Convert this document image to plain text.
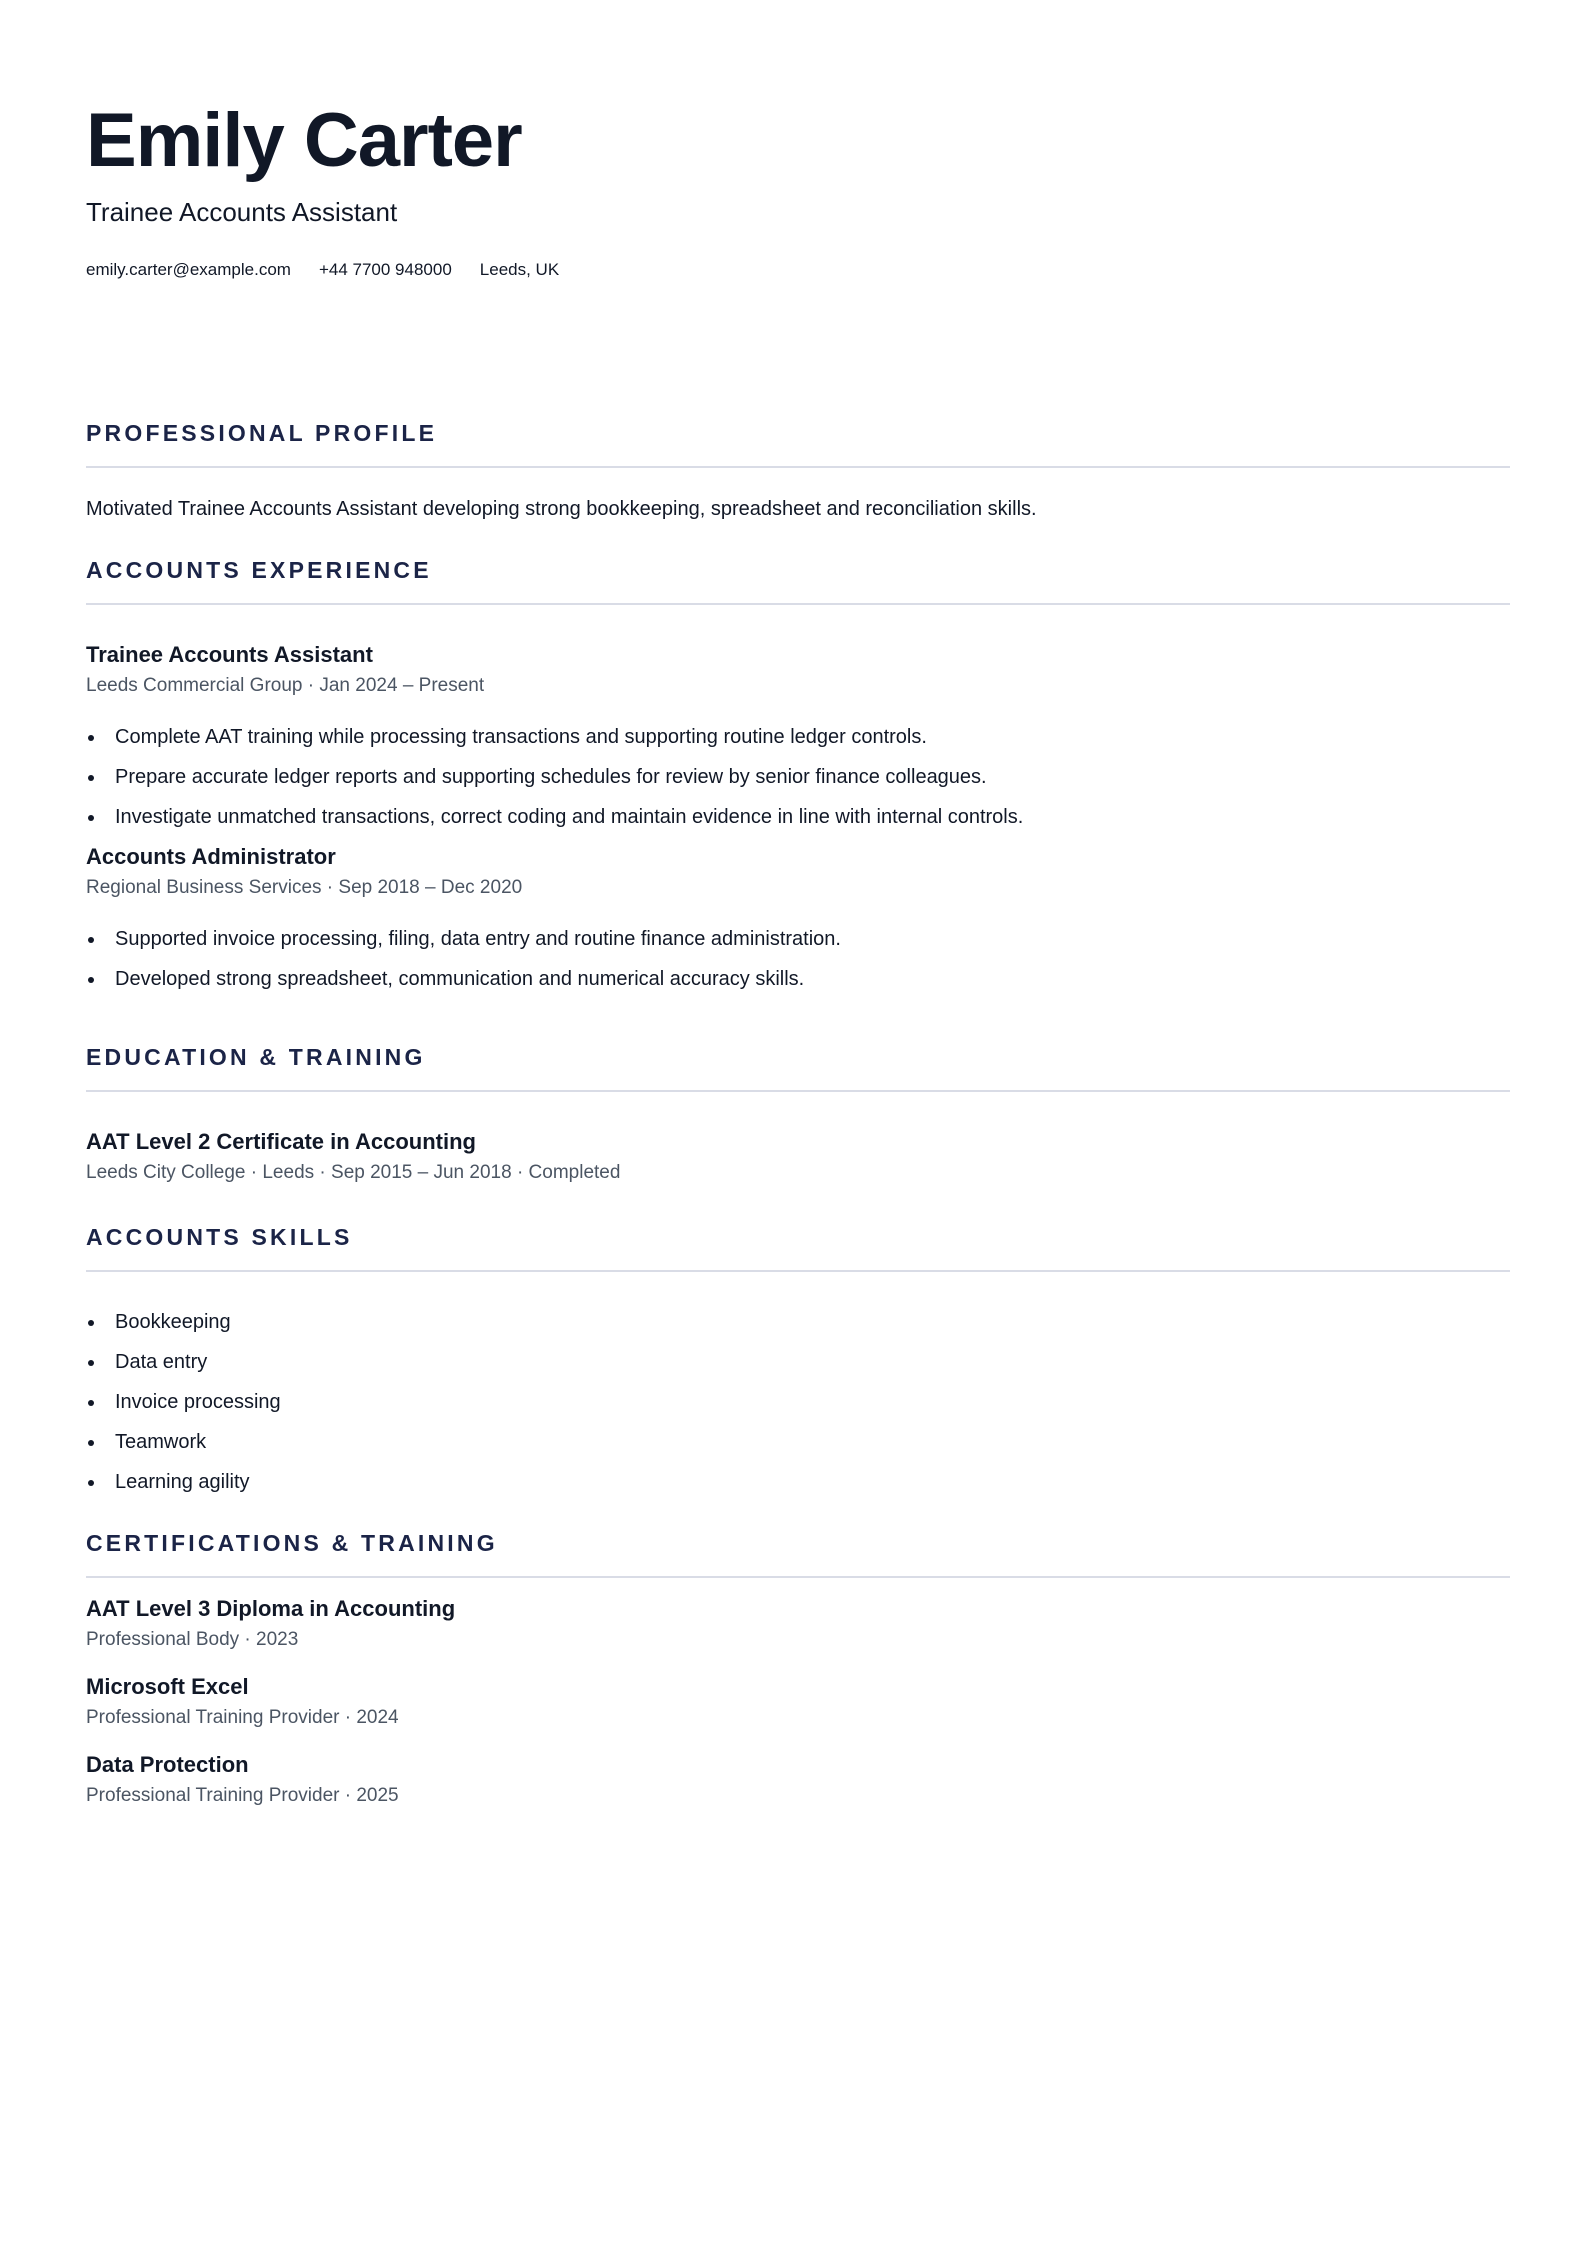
Emily Carter
Trainee Accounts Assistant
emily.carter@example.com +44 7700 948000 Leeds, UK
PROFESSIONAL PROFILE
Motivated Trainee Accounts Assistant developing strong bookkeeping, spreadsheet and reconciliation skills.
ACCOUNTS EXPERIENCE
Trainee Accounts Assistant
Leeds Commercial Group · Jan 2024 – Present
Complete AAT training while processing transactions and supporting routine ledger controls.
Prepare accurate ledger reports and supporting schedules for review by senior finance colleagues.
Investigate unmatched transactions, correct coding and maintain evidence in line with internal controls.
Accounts Administrator
Regional Business Services · Sep 2018 – Dec 2020
Supported invoice processing, filing, data entry and routine finance administration.
Developed strong spreadsheet, communication and numerical accuracy skills.
EDUCATION & TRAINING
AAT Level 2 Certificate in Accounting
Leeds City College · Leeds · Sep 2015 – Jun 2018 · Completed
ACCOUNTS SKILLS
Bookkeeping
Data entry
Invoice processing
Teamwork
Learning agility
CERTIFICATIONS & TRAINING
AAT Level 3 Diploma in Accounting
Professional Body · 2023
Microsoft Excel
Professional Training Provider · 2024
Data Protection
Professional Training Provider · 2025
